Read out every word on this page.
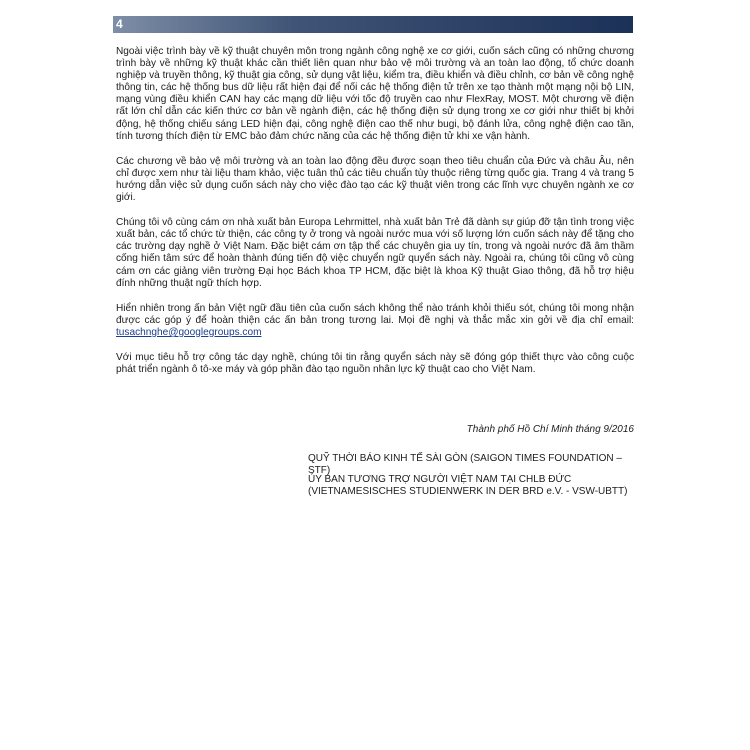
4

Ngoài việc trình bày về kỹ thuật chuyên môn trong ngành công nghệ xe cơ giới, cuốn sách cũng có những chương trình bày về những kỹ thuật khác cần thiết liên quan như bảo vệ môi trường và an toàn lao động, tổ chức doanh nghiệp và truyền thông, kỹ thuật gia công, sử dụng vật liệu, kiểm tra, điều khiển và điều chỉnh, cơ bản về công nghệ thông tin, các hệ thống bus dữ liệu rất hiện đại để nối các hệ thống điện tử trên xe tạo thành một mạng nội bộ LIN, mạng vùng điều khiển CAN hay các mạng dữ liệu với tốc độ truyền cao như FlexRay, MOST. Một chương về điện rất lớn chỉ dẫn các kiến thức cơ bản về ngành điện, các hệ thống điện sử dụng trong xe cơ giới như thiết bị khởi động, hệ thống chiếu sáng LED hiện đại, công nghệ điện cao thế như bugi, bộ đánh lửa, công nghệ điện cao tần, tính tương thích điện từ EMC bảo đảm chức năng của các hệ thống điện tử khi xe vận hành.

Các chương về bảo vệ môi trường và an toàn lao động đều được soạn theo tiêu chuẩn của Đức và châu Âu, nên chỉ được xem như tài liệu tham khảo, việc tuân thủ các tiêu chuẩn tùy thuộc riêng từng quốc gia. Trang 4 và trang 5 hướng dẫn việc sử dụng cuốn sách này cho việc đào tạo các kỹ thuật viên trong các lĩnh vực chuyên ngành xe cơ giới.

Chúng tôi vô cùng cám ơn nhà xuất bản Europa Lehrmittel, nhà xuất bản Trẻ đã dành sự giúp đỡ tận tình trong việc xuất bản, các tổ chức từ thiện, các công ty ở trong và ngoài nước mua với số lượng lớn cuốn sách này để tặng cho các trường dạy nghề ở Việt Nam. Đặc biệt cám ơn tập thể các chuyên gia uy tín, trong và ngoài nước đã âm thầm cống hiến tâm sức để hoàn thành đúng tiến độ việc chuyển ngữ quyển sách này. Ngoài ra, chúng tôi cũng vô cùng cám ơn các giảng viên trường Đại học Bách khoa TP HCM, đặc biệt là khoa Kỹ thuật Giao thông, đã hỗ trợ hiệu đính những thuật ngữ thích hợp.

Hiển nhiên trong ấn bản Việt ngữ đầu tiên của cuốn sách không thể nào tránh khỏi thiếu sót, chúng tôi mong nhận được các góp ý để hoàn thiện các ấn bản trong tương lai. Mọi đề nghị và thắc mắc xin gởi về địa chỉ email: tusachnghe@googlegroups.com

Với mục tiêu hỗ trợ công tác dạy nghề, chúng tôi tin rằng quyển sách này sẽ đóng góp thiết thực vào công cuộc phát triển ngành ô tô-xe máy và góp phần đào tạo nguồn nhân lực kỹ thuật cao cho Việt Nam.

Thành phố Hồ Chí Minh tháng 9/2016
QUỸ THỜI BÁO KINH TẾ SÀI GÒN (SAIGON TIMES FOUNDATION – STF)
ỦY BAN TƯƠNG TRỢ NGƯỜI VIỆT NAM TẠI CHLB ĐỨC
(VIETNAMESISCHES STUDIENWERK IN DER BRD e.V. - VSW-UBTT)
